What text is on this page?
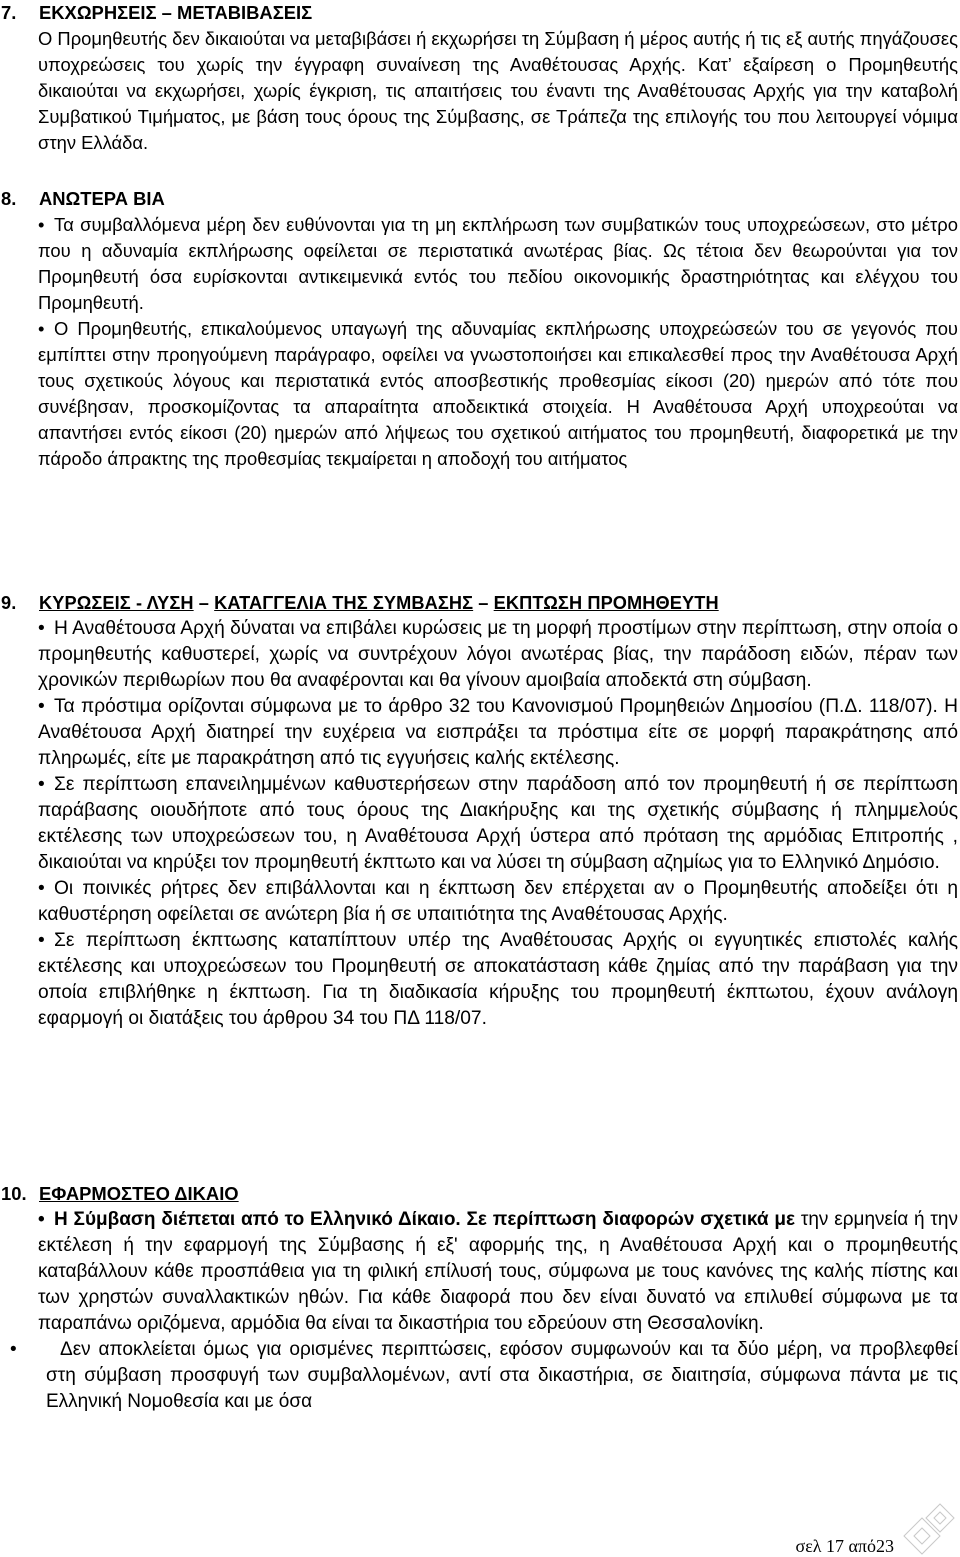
7. ΕΚΧΩΡΗΣΕΙΣ – ΜΕΤΑΒΙΒΑΣΕΙΣ

Ο Προμηθευτής δεν δικαιούται να μεταβιβάσει ή εκχωρήσει τη Σύμβαση ή μέρος αυτής ή τις εξ αυτής πηγάζουσες υποχρεώσεις του χωρίς την έγγραφη συναίνεση της Αναθέτουσας Αρχής. Κατ’ εξαίρεση ο Προμηθευτής δικαιούται να εκχωρήσει, χωρίς έγκριση, τις απαιτήσεις του έναντι της Αναθέτουσας Αρχής για την καταβολή Συμβατικού Τιμήματος, με βάση τους όρους της Σύμβασης, σε Τράπεζα της επιλογής του που λειτουργεί νόμιμα στην Ελλάδα.

8. ΑΝΩΤΕΡΑ ΒΙΑ

• Τα συμβαλλόμενα μέρη δεν ευθύνονται για τη μη εκπλήρωση των συμβατικών τους υποχρεώσεων, στο μέτρο που η αδυναμία εκπλήρωσης οφείλεται σε περιστατικά ανωτέρας βίας. Ως τέτοια δεν θεωρούνται για τον Προμηθευτή όσα ευρίσκονται αντικειμενικά εντός του πεδίου οικονομικής δραστηριότητας και ελέγχου του Προμηθευτή.

• Ο Προμηθευτής, επικαλούμενος υπαγωγή της αδυναμίας εκπλήρωσης υποχρεώσεών του σε γεγονός που εμπίπτει στην προηγούμενη παράγραφο, οφείλει να γνωστοποιήσει και επικαλεσθεί προς την Αναθέτουσα Αρχή τους σχετικούς λόγους και περιστατικά εντός αποσβεστικής προθεσμίας είκοσι (20) ημερών από τότε που συνέβησαν, προσκομίζοντας τα απαραίτητα αποδεικτικά στοιχεία. Η Αναθέτουσα Αρχή υποχρεούται να απαντήσει εντός είκοσι (20) ημερών από λήψεως του σχετικού αιτήματος του προμηθευτή, διαφορετικά με την πάροδο άπρακτης της προθεσμίας τεκμαίρεται η αποδοχή του αιτήματος

9. ΚΥΡΩΣΕΙΣ - ΛΥΣΗ – ΚΑΤΑΓΓΕΛΙΑ ΤΗΣ ΣΥΜΒΑΣΗΣ – ΕΚΠΤΩΣΗ ΠΡΟΜΗΘΕΥΤΗ

• Η Αναθέτουσα Αρχή δύναται να επιβάλει κυρώσεις με τη μορφή προστίμων στην περίπτωση, στην οποία ο προμηθευτής καθυστερεί, χωρίς να συντρέχουν λόγοι ανωτέρας βίας, την παράδοση ειδών, πέραν των χρονικών περιθωρίων που θα αναφέρονται και θα γίνουν αμοιβαία αποδεκτά στη σύμβαση.

• Τα πρόστιμα ορίζονται σύμφωνα με το άρθρο 32 του Κανονισμού Προμηθειών Δημοσίου (Π.Δ. 118/07). Η Αναθέτουσα Αρχή διατηρεί την ευχέρεια να εισπράξει τα πρόστιμα είτε σε μορφή παρακράτησης από πληρωμές, είτε με παρακράτηση από τις εγγυήσεις καλής εκτέλεσης.

• Σε περίπτωση επανειλημμένων καθυστερήσεων στην παράδοση από τον προμηθευτή ή σε περίπτωση παράβασης οιουδήποτε από τους όρους της Διακήρυξης και της σχετικής σύμβασης ή πλημμελούς εκτέλεσης των υποχρεώσεων του, η Αναθέτουσα Αρχή ύστερα από πρόταση της αρμόδιας Επιτροπής , δικαιούται να κηρύξει τον προμηθευτή έκπτωτο και να λύσει τη σύμβαση αζημίως για το Ελληνικό Δημόσιο.

• Οι ποινικές ρήτρες δεν επιβάλλονται και η έκπτωση δεν επέρχεται αν ο Προμηθευτής αποδείξει ότι η καθυστέρηση οφείλεται σε ανώτερη βία ή σε υπαιτιότητα της Αναθέτουσας Αρχής.

• Σε περίπτωση έκπτωσης καταπίπτουν υπέρ της Αναθέτουσας Αρχής οι εγγυητικές επιστολές καλής εκτέλεσης και υποχρεώσεων του Προμηθευτή σε αποκατάσταση κάθε ζημίας από την παράβαση για την οποία επιβλήθηκε η έκπτωση. Για τη διαδικασία κήρυξης του προμηθευτή έκπτωτου, έχουν ανάλογη εφαρμογή οι διατάξεις του άρθρου 34 του ΠΔ 118/07.

10. ΕΦΑΡΜΟΣΤΕΟ ΔΙΚΑΙΟ

• Η Σύμβαση διέπεται από το Ελληνικό Δίκαιο. Σε περίπτωση διαφορών σχετικά με την ερμηνεία ή την εκτέλεση ή την εφαρμογή της Σύμβασης ή εξ' αφορμής της, η Αναθέτουσα Αρχή και ο προμηθευτής καταβάλλουν κάθε προσπάθεια για τη φιλική επίλυσή τους, σύμφωνα με τους κανόνες της καλής πίστης και των χρηστών συναλλακτικών ηθών. Για κάθε διαφορά που δεν είναι δυνατό να επιλυθεί σύμφωνα με τα παραπάνω οριζόμενα, αρμόδια θα είναι τα δικαστήρια του εδρεύουν στη Θεσσαλονίκη.

• Δεν αποκλείεται όμως για ορισμένες περιπτώσεις, εφόσον συμφωνούν και τα δύο μέρη, να προβλεφθεί στη σύμβαση προσφυγή των συμβαλλομένων, αντί στα δικαστήρια, σε διαιτησία, σύμφωνα πάντα με τις Ελληνική Νομοθεσία και με όσα
σελ 17 από23
